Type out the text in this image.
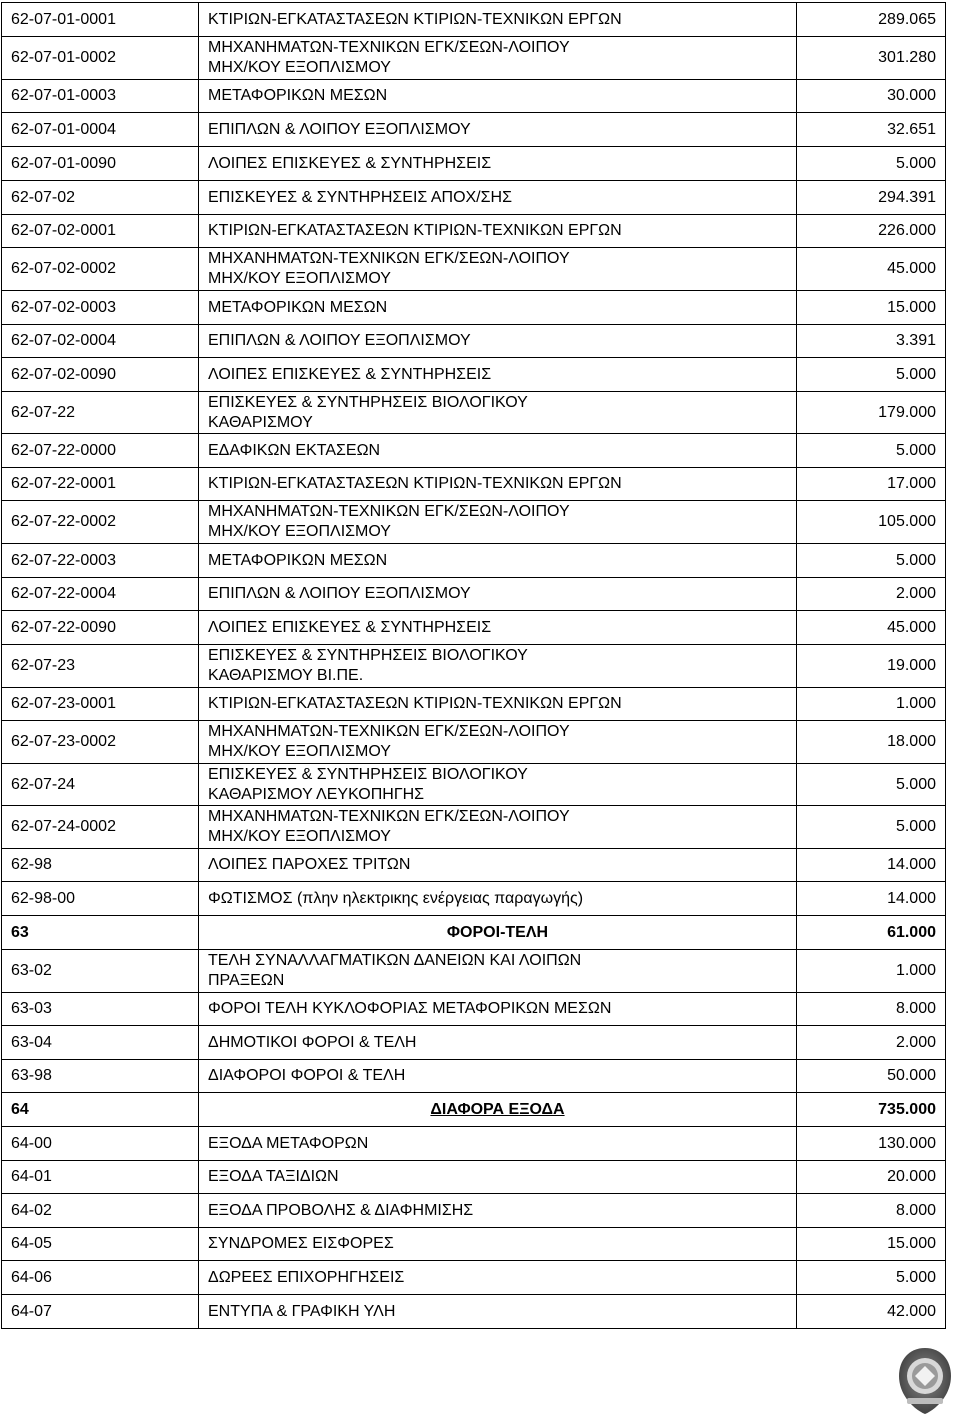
62-07-01-0001	ΚΤΙΡΙΩΝ-ΕΓΚΑΤΑΣΤΑΣΕΩΝ ΚΤΙΡΙΩΝ-ΤΕΧΝΙΚΩΝ ΕΡΓΩΝ	289.065
62-07-01-0002	ΜΗΧΑΝΗΜΑΤΩΝ-ΤΕΧΝΙΚΩΝ ΕΓΚ/ΣΕΩΝ-ΛΟΙΠΟΥ
ΜΗΧ/ΚΟΥ ΕΞΟΠΛΙΣΜΟΥ	301.280
62-07-01-0003	ΜΕΤΑΦΟΡΙΚΩΝ ΜΕΣΩΝ	30.000
62-07-01-0004	ΕΠΙΠΛΩΝ & ΛΟΙΠΟΥ ΕΞΟΠΛΙΣΜΟΥ	32.651
62-07-01-0090	ΛΟΙΠΕΣ ΕΠΙΣΚΕΥΕΣ & ΣΥΝΤΗΡΗΣΕΙΣ	5.000
62-07-02	ΕΠΙΣΚΕΥΕΣ & ΣΥΝΤΗΡΗΣΕΙΣ ΑΠΟΧ/ΣΗΣ	294.391
62-07-02-0001	ΚΤΙΡΙΩΝ-ΕΓΚΑΤΑΣΤΑΣΕΩΝ ΚΤΙΡΙΩΝ-ΤΕΧΝΙΚΩΝ ΕΡΓΩΝ	226.000
62-07-02-0002	ΜΗΧΑΝΗΜΑΤΩΝ-ΤΕΧΝΙΚΩΝ ΕΓΚ/ΣΕΩΝ-ΛΟΙΠΟΥ
ΜΗΧ/ΚΟΥ ΕΞΟΠΛΙΣΜΟΥ	45.000
62-07-02-0003	ΜΕΤΑΦΟΡΙΚΩΝ ΜΕΣΩΝ	15.000
62-07-02-0004	ΕΠΙΠΛΩΝ & ΛΟΙΠΟΥ ΕΞΟΠΛΙΣΜΟΥ	3.391
62-07-02-0090	ΛΟΙΠΕΣ ΕΠΙΣΚΕΥΕΣ & ΣΥΝΤΗΡΗΣΕΙΣ	5.000
62-07-22	ΕΠΙΣΚΕΥΕΣ & ΣΥΝΤΗΡΗΣΕΙΣ ΒΙΟΛΟΓΙΚΟΥ
ΚΑΘΑΡΙΣΜΟΥ	179.000
62-07-22-0000	ΕΔΑΦΙΚΩΝ ΕΚΤΑΣΕΩΝ	5.000
62-07-22-0001	ΚΤΙΡΙΩΝ-ΕΓΚΑΤΑΣΤΑΣΕΩΝ ΚΤΙΡΙΩΝ-ΤΕΧΝΙΚΩΝ ΕΡΓΩΝ	17.000
62-07-22-0002	ΜΗΧΑΝΗΜΑΤΩΝ-ΤΕΧΝΙΚΩΝ ΕΓΚ/ΣΕΩΝ-ΛΟΙΠΟΥ
ΜΗΧ/ΚΟΥ ΕΞΟΠΛΙΣΜΟΥ	105.000
62-07-22-0003	ΜΕΤΑΦΟΡΙΚΩΝ ΜΕΣΩΝ	5.000
62-07-22-0004	ΕΠΙΠΛΩΝ & ΛΟΙΠΟΥ ΕΞΟΠΛΙΣΜΟΥ	2.000
62-07-22-0090	ΛΟΙΠΕΣ ΕΠΙΣΚΕΥΕΣ & ΣΥΝΤΗΡΗΣΕΙΣ	45.000
62-07-23	ΕΠΙΣΚΕΥΕΣ & ΣΥΝΤΗΡΗΣΕΙΣ ΒΙΟΛΟΓΙΚΟΥ
ΚΑΘΑΡΙΣΜΟΥ ΒΙ.ΠΕ.	19.000
62-07-23-0001	ΚΤΙΡΙΩΝ-ΕΓΚΑΤΑΣΤΑΣΕΩΝ ΚΤΙΡΙΩΝ-ΤΕΧΝΙΚΩΝ ΕΡΓΩΝ	1.000
62-07-23-0002	ΜΗΧΑΝΗΜΑΤΩΝ-ΤΕΧΝΙΚΩΝ ΕΓΚ/ΣΕΩΝ-ΛΟΙΠΟΥ
ΜΗΧ/ΚΟΥ ΕΞΟΠΛΙΣΜΟΥ	18.000
62-07-24	ΕΠΙΣΚΕΥΕΣ & ΣΥΝΤΗΡΗΣΕΙΣ ΒΙΟΛΟΓΙΚΟΥ
ΚΑΘΑΡΙΣΜΟΥ ΛΕΥΚΟΠΗΓΗΣ	5.000
62-07-24-0002	ΜΗΧΑΝΗΜΑΤΩΝ-ΤΕΧΝΙΚΩΝ ΕΓΚ/ΣΕΩΝ-ΛΟΙΠΟΥ
ΜΗΧ/ΚΟΥ ΕΞΟΠΛΙΣΜΟΥ	5.000
62-98	ΛΟΙΠΕΣ ΠΑΡΟΧΕΣ ΤΡΙΤΩΝ	14.000
62-98-00	ΦΩΤΙΣΜΟΣ (πλην ηλεκτρικης ενέργειας παραγωγής)	14.000
63	ΦΟΡΟΙ-ΤΕΛΗ	61.000
63-02	ΤΕΛΗ ΣΥΝΑΛΛΑΓΜΑΤΙΚΩΝ ΔΑΝΕΙΩΝ ΚΑΙ ΛΟΙΠΩΝ
ΠΡΑΞΕΩΝ	1.000
63-03	ΦΟΡΟΙ ΤΕΛΗ ΚΥΚΛΟΦΟΡΙΑΣ ΜΕΤΑΦΟΡΙΚΩΝ ΜΕΣΩΝ	8.000
63-04	ΔΗΜΟΤΙΚΟΙ ΦΟΡΟΙ & ΤΕΛΗ	2.000
63-98	ΔΙΑΦΟΡΟΙ ΦΟΡΟΙ & ΤΕΛΗ	50.000
64	ΔΙΑΦΟΡΑ ΕΞΟΔΑ	735.000
64-00	ΕΞΟΔΑ ΜΕΤΑΦΟΡΩΝ	130.000
64-01	ΕΞΟΔΑ ΤΑΞΙΔΙΩΝ	20.000
64-02	ΕΞΟΔΑ ΠΡΟΒΟΛΗΣ & ΔΙΑΦΗΜΙΣΗΣ	8.000
64-05	ΣΥΝΔΡΟΜΕΣ ΕΙΣΦΟΡΕΣ	15.000
64-06	ΔΩΡΕΕΣ ΕΠΙΧΟΡΗΓΗΣΕΙΣ	5.000
64-07	ΕΝΤΥΠΑ & ΓΡΑΦΙΚΗ ΥΛΗ	42.000
